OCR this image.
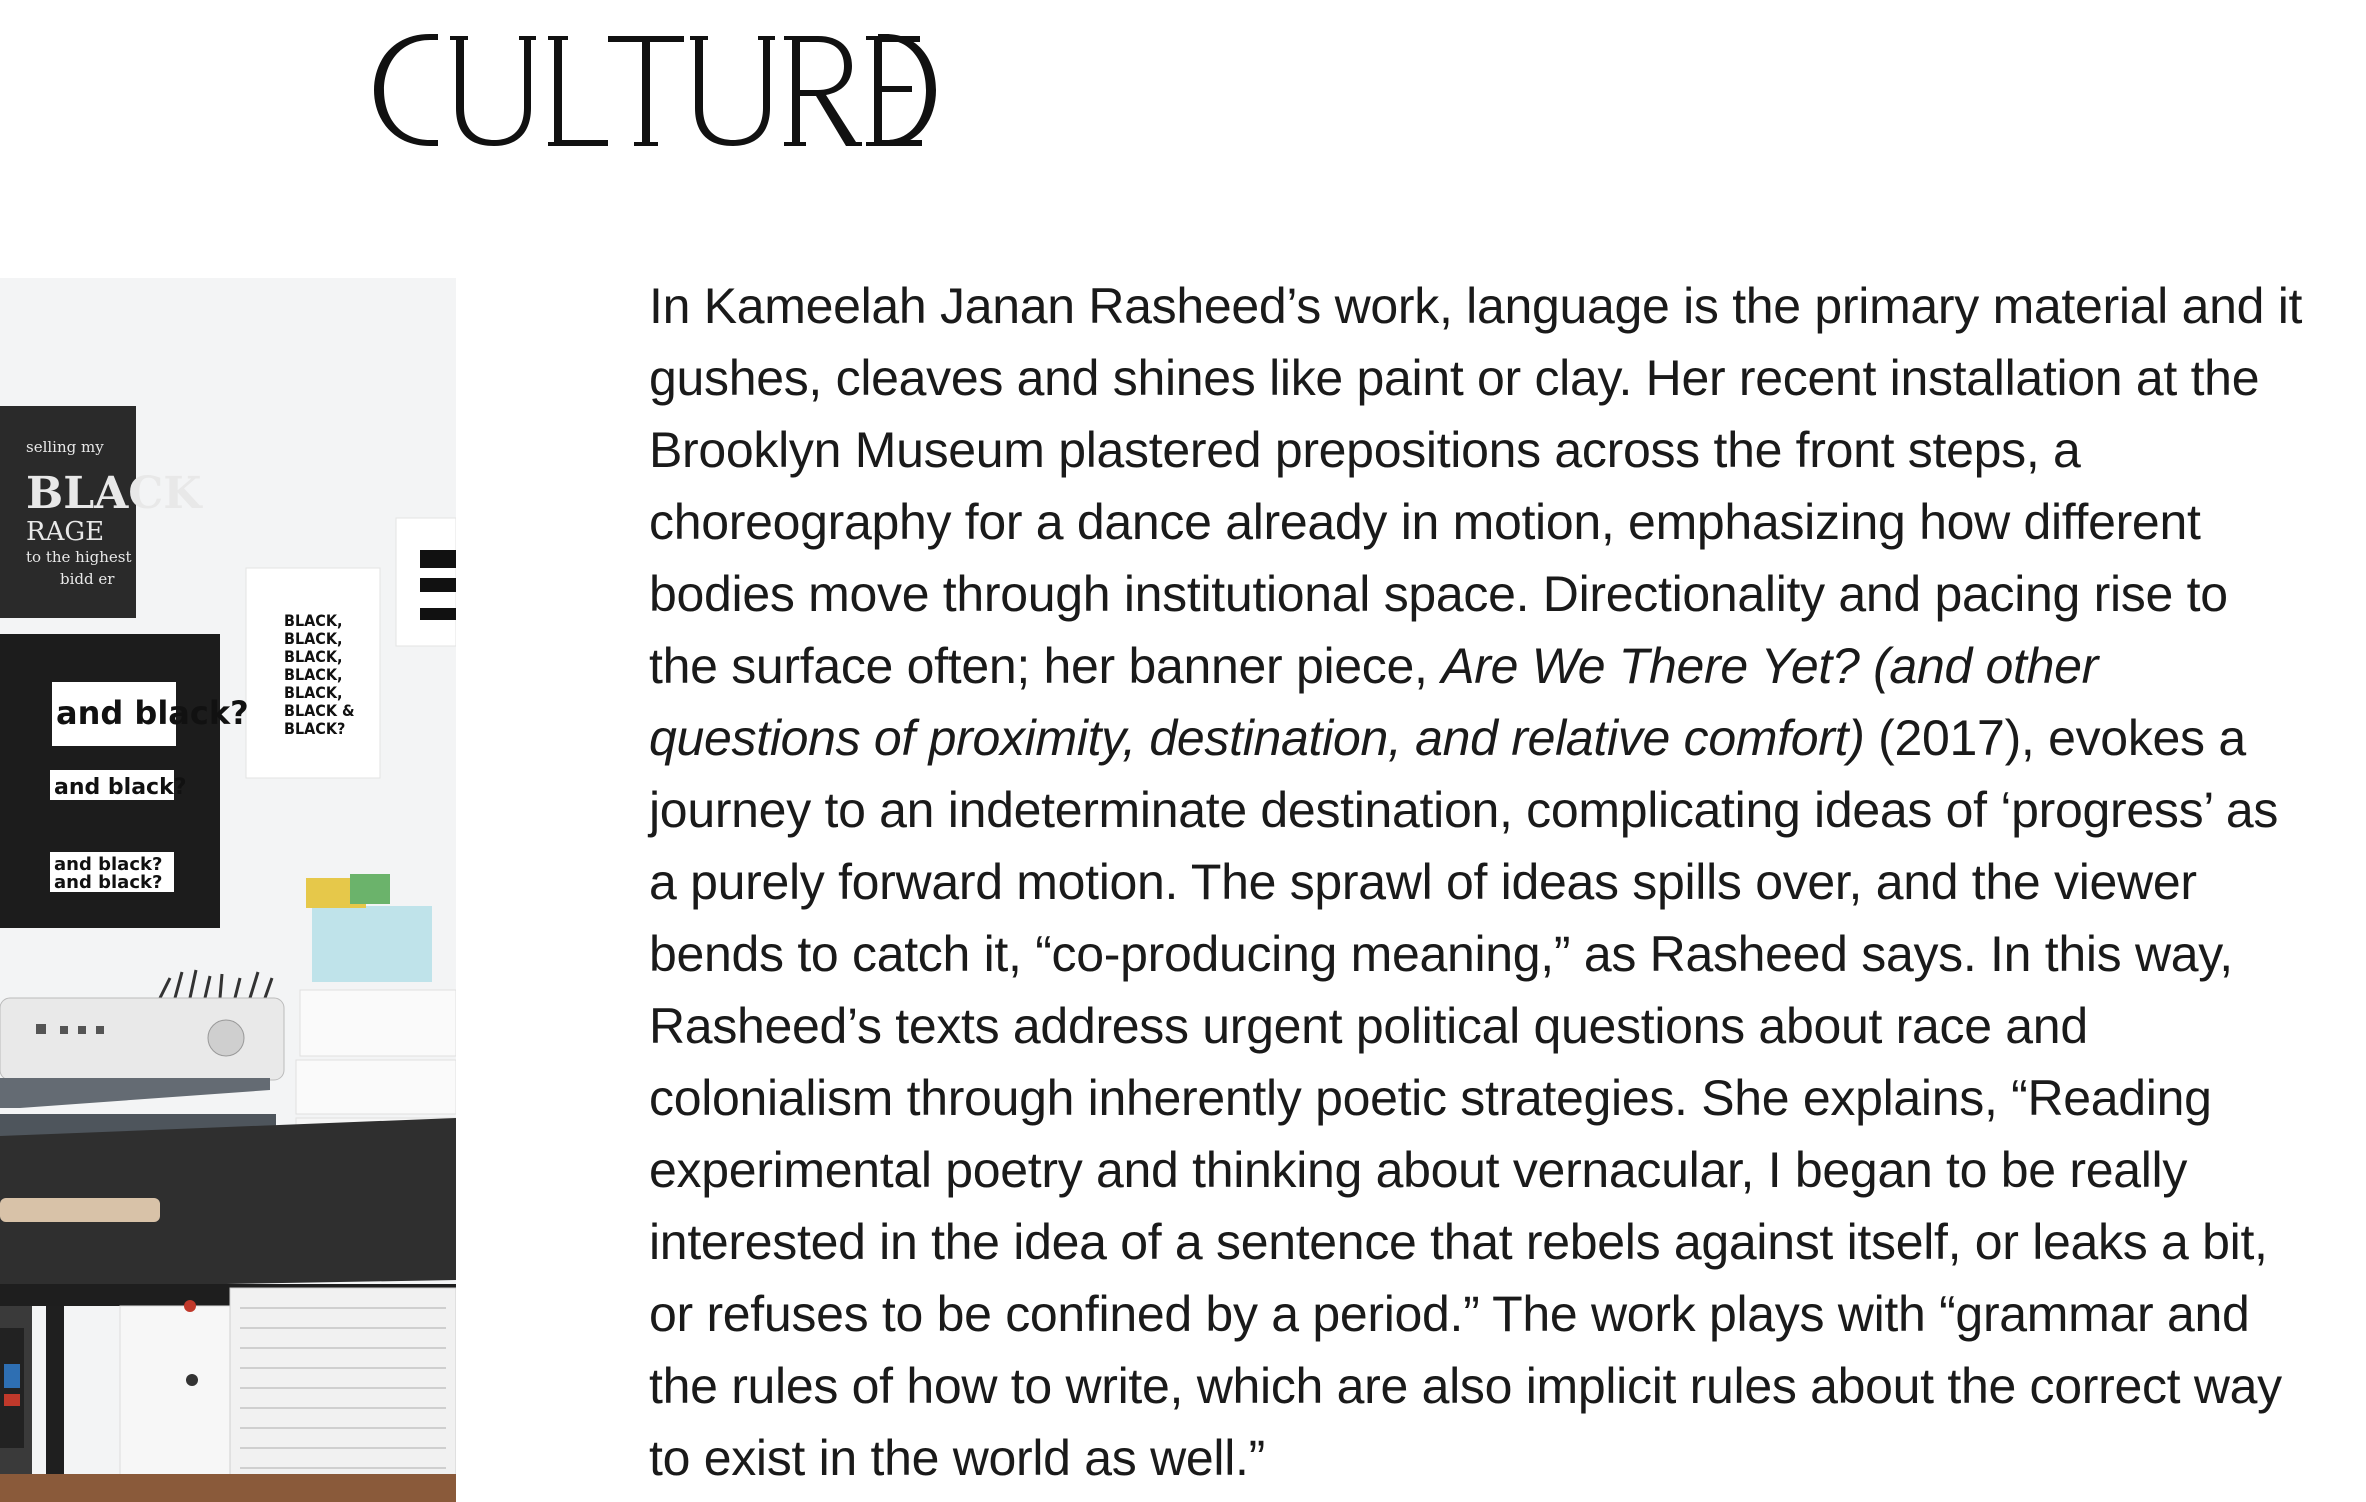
selling my
BLACK
RAGE
to the highest
bidd er
BLACK,
BLACK,
BLACK,
BLACK,
BLACK,
BLACK &
BLACK?
and black?
and black?
and black?
and black?
In Kameelah Janan Rasheed’s work, language is the primary material and it
gushes, cleaves and shines like paint or clay. Her recent installation at the
Brooklyn Museum plastered prepositions across the front steps, a
choreography for a dance already in motion, emphasizing how different
bodies move through institutional space. Directionality and pacing rise to
the surface often; her banner piece, Are We There Yet? (and other
questions of proximity, destination, and relative comfort) (2017), evokes a
journey to an indeterminate destination, complicating ideas of ‘progress’ as
a purely forward motion. The sprawl of ideas spills over, and the viewer
bends to catch it, “co-producing meaning,” as Rasheed says. In this way,
Rasheed’s texts address urgent political questions about race and
colonialism through inherently poetic strategies. She explains, “Reading
experimental poetry and thinking about vernacular, I began to be really
interested in the idea of a sentence that rebels against itself, or leaks a bit,
or refuses to be confined by a period.” The work plays with “grammar and
the rules of how to write, which are also implicit rules about the correct way
to exist in the world as well.”
